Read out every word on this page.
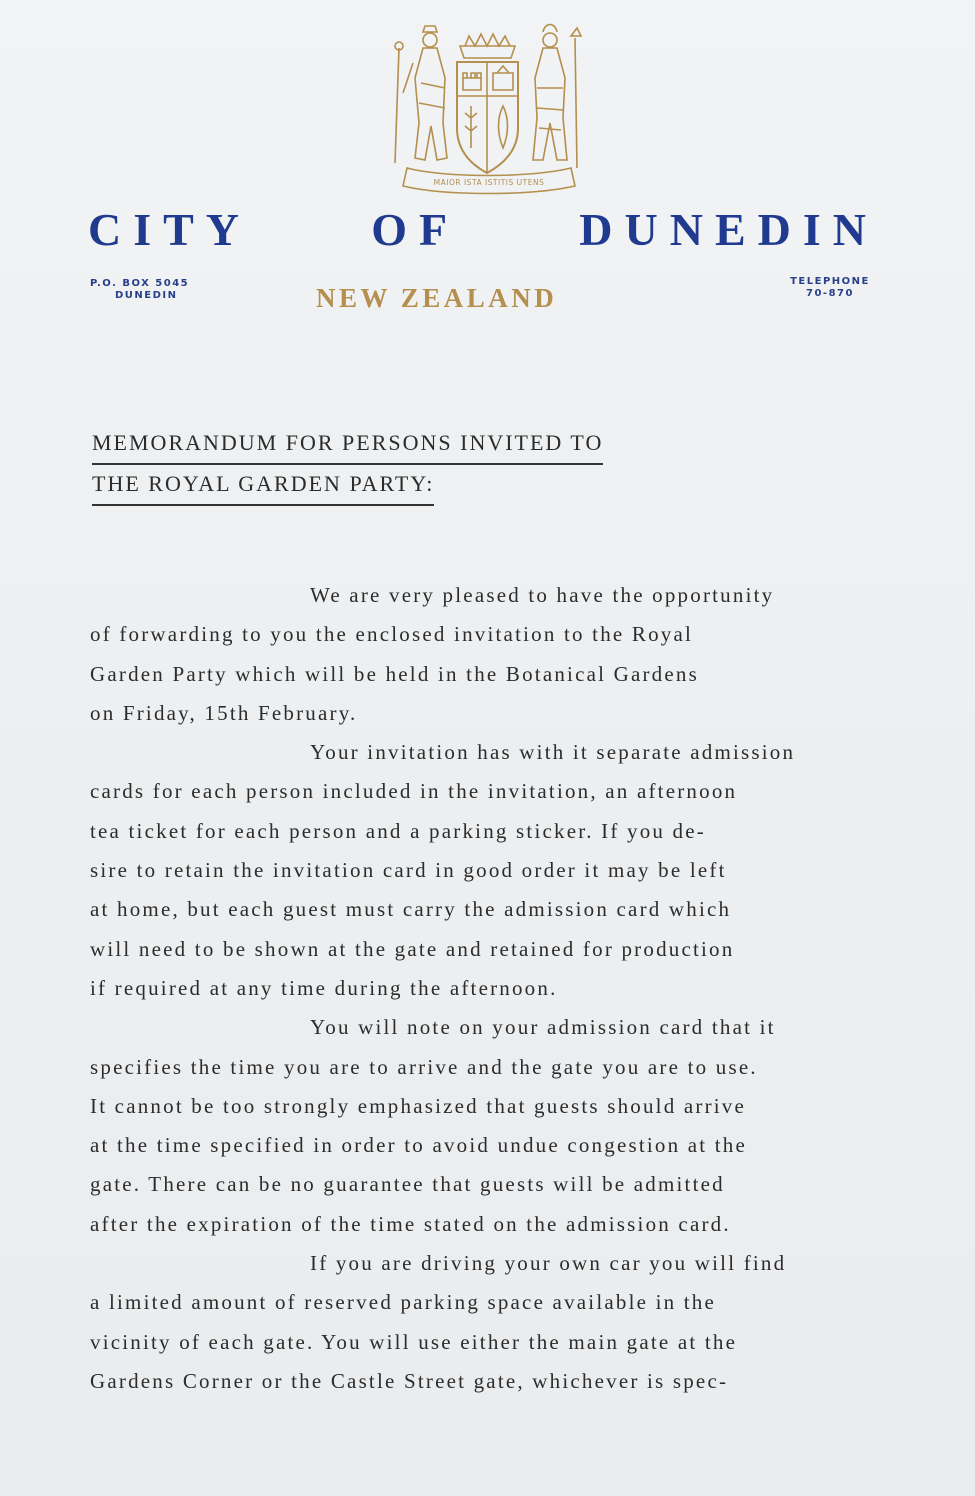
MAIOR ISTA ISTITIS UTENS
CITY	OF	DUNEDIN
P.O. BOX 5045
DUNEDIN	NEW ZEALAND
TELEPHONE
70-870
MEMORANDUM FOR PERSONS INVITED TO
THE ROYAL GARDEN PARTY:
We are very pleased to have the opportunity
of forwarding to you the enclosed invitation to the Royal
Garden Party which will be held in the Botanical Gardens
on Friday, 15th February.
Your invitation has with it separate admission
cards for each person included in the invitation, an afternoon
tea ticket for each person and a parking sticker. If you de-
sire to retain the invitation card in good order it may be left
at home, but each guest must carry the admission card which
will need to be shown at the gate and retained for production
if required at any time during the afternoon.
You will note on your admission card that it
specifies the time you are to arrive and the gate you are to use.
It cannot be too strongly emphasized that guests should arrive
at the time specified in order to avoid undue congestion at the
gate. There can be no guarantee that guests will be admitted
after the expiration of the time stated on the admission card.
If you are driving your own car you will find
a limited amount of reserved parking space available in the
vicinity of each gate. You will use either the main gate at the
Gardens Corner or the Castle Street gate, whichever is spec-
